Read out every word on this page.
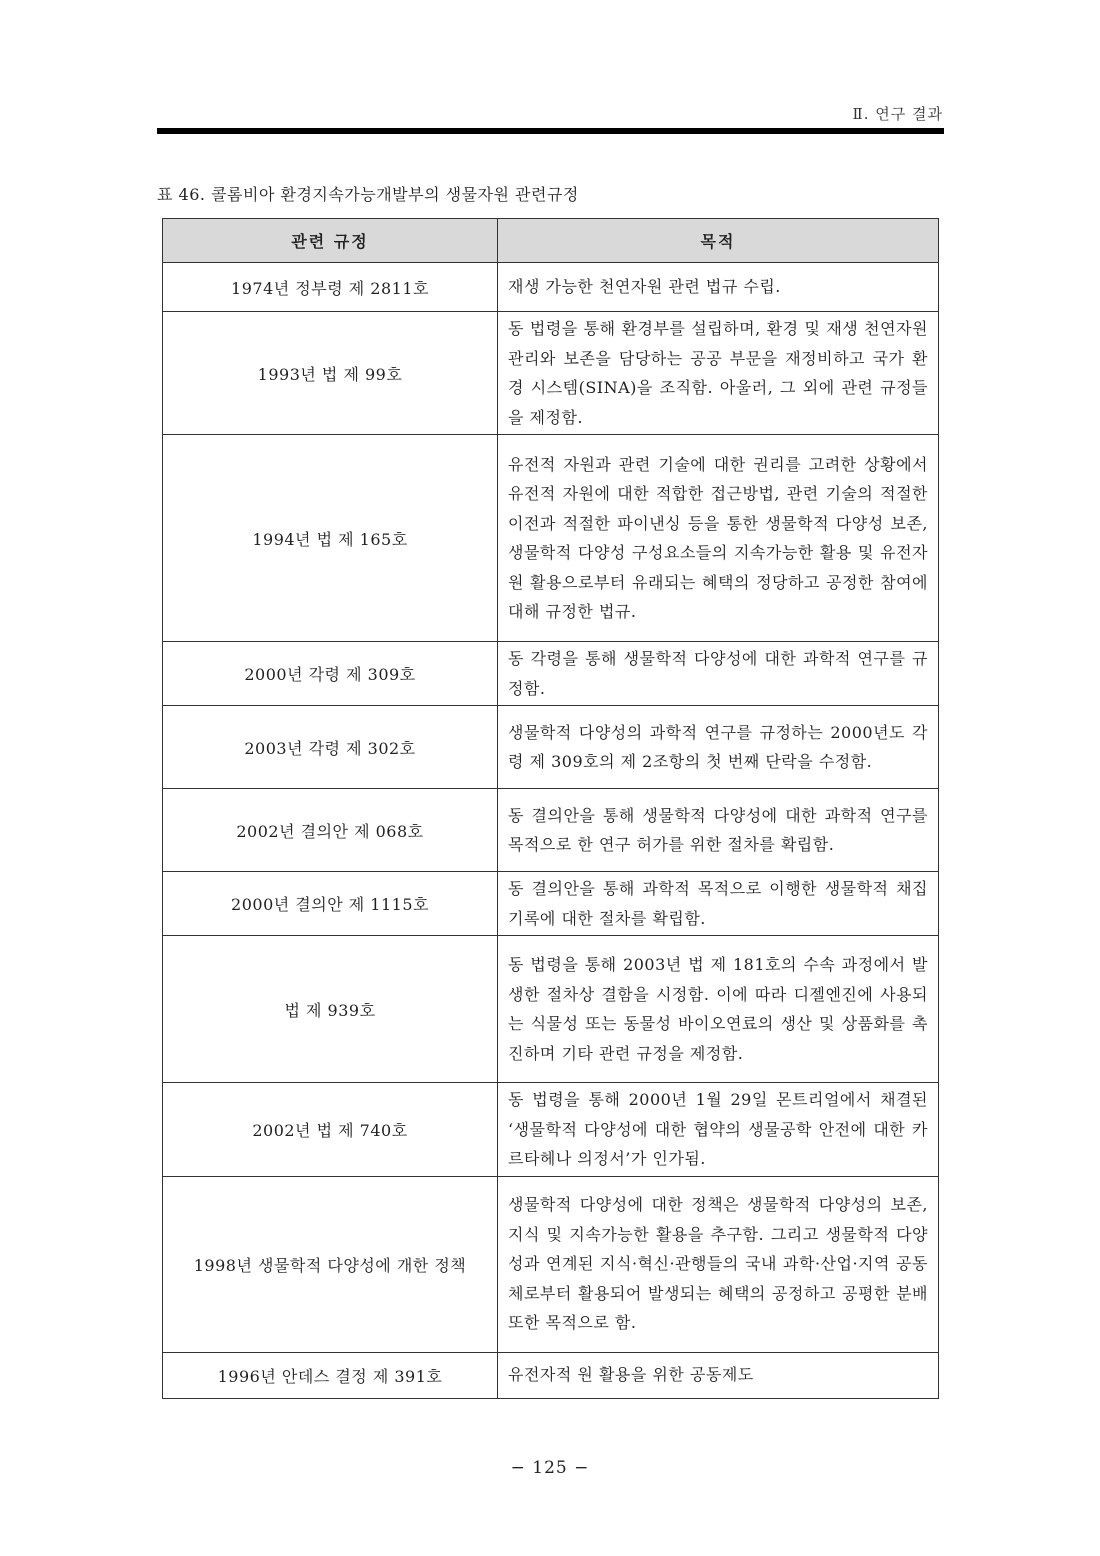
Ⅱ. 연구 결과
표 46. 콜롬비아 환경지속가능개발부의 생물자원 관련규정
관련 규정	목적
1974년 정부령 제 2811호	재생 가능한 천연자원 관련 법규 수립.
1993년 법 제 99호	동 법령을 통해 환경부를 설립하며, 환경 및 재생 천연자원 관리와 보존을 담당하는 공공 부문을 재정비하고 국가 환경 시스템(SINA)을 조직함. 아울러, 그 외에 관련 규정들을 제정함.
1994년 법 제 165호	유전적 자원과 관련 기술에 대한 권리를 고려한 상황에서 유전적 자원에 대한 적합한 접근방법, 관련 기술의 적절한 이전과 적절한 파이낸싱 등을 통한 생물학적 다양성 보존, 생물학적 다양성 구성요소들의 지속가능한 활용 및 유전자원 활용으로부터 유래되는 혜택의 정당하고 공정한 참여에 대해 규정한 법규.
2000년 각령 제 309호	동 각령을 통해 생물학적 다양성에 대한 과학적 연구를 규정함.
2003년 각령 제 302호	생물학적 다양성의 과학적 연구를 규정하는 2000년도 각령 제 309호의 제 2조항의 첫 번째 단락을 수정함.
2002년 결의안 제 068호	동 결의안을 통해 생물학적 다양성에 대한 과학적 연구를 목적으로 한 연구 허가를 위한 절차를 확립함.
2000년 결의안 제 1115호	동 결의안을 통해 과학적 목적으로 이행한 생물학적 채집 기록에 대한 절차를 확립함.
법 제 939호	동 법령을 통해 2003년 법 제 181호의 수속 과정에서 발생한 절차상 결함을 시정함. 이에 따라 디젤엔진에 사용되는 식물성 또는 동물성 바이오연료의 생산 및 상품화를 촉진하며 기타 관련 규정을 제정함.
2002년 법 제 740호	동 법령을 통해 2000년 1월 29일 몬트리얼에서 채결된 ‘생물학적 다양성에 대한 협약의 생물공학 안전에 대한 카르타헤나 의정서’가 인가됨.
1998년 생물학적 다양성에 개한 정책	생물학적 다양성에 대한 정책은 생물학적 다양성의 보존, 지식 및 지속가능한 활용을 추구함. 그리고 생물학적 다양성과 연계된 지식·혁신·관행들의 국내 과학·산업·지역 공동체로부터 활용되어 발생되는 혜택의 공정하고 공평한 분배 또한 목적으로 함.
1996년 안데스 결정 제 391호	유전자적 원 활용을 위한 공동제도
− 125 −
